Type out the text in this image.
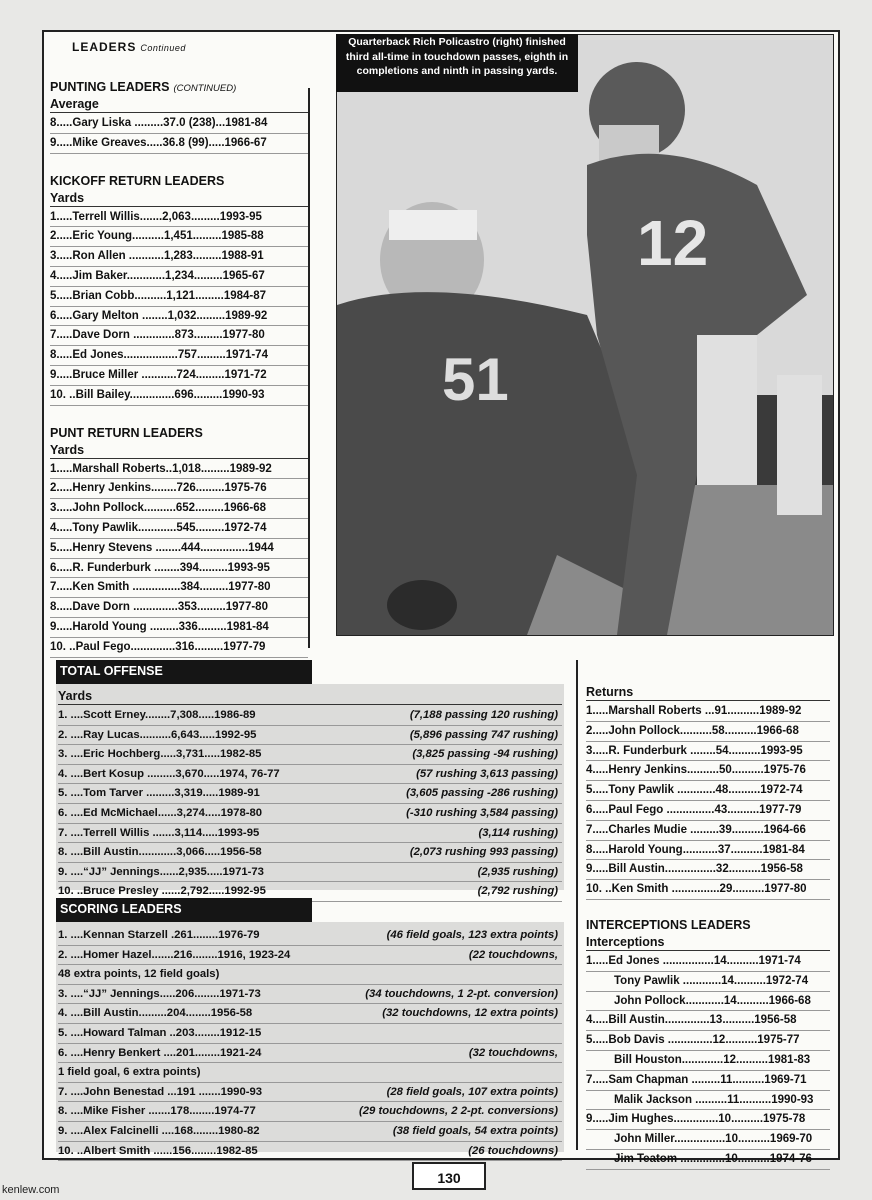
LEADERS Continued

PUNTING LEADERS (CONTINUED)

Average
8.....Gary Liska .........37.0 (238)...1981-84
9.....Mike Greaves.....36.8 (99).....1966-67

KICKOFF RETURN LEADERS

Yards
1.....Terrell Willis.......2,063.........1993-95
2.....Eric Young..........1,451.........1985-88
3.....Ron Allen ...........1,283.........1988-91
4.....Jim Baker............1,234.........1965-67
5.....Brian Cobb..........1,121.........1984-87
6.....Gary Melton ........1,032.........1989-92
7.....Dave Dorn .............873.........1977-80
8.....Ed Jones.................757.........1971-74
9.....Bruce Miller ...........724.........1971-72
10. ..Bill Bailey..............696.........1990-93

PUNT RETURN LEADERS

Yards
1.....Marshall Roberts..1,018.........1989-92
2.....Henry Jenkins........726.........1975-76
3.....John Pollock..........652.........1966-68
4.....Tony Pawlik............545.........1972-74
5.....Henry Stevens ........444...............1944
6.....R. Funderburk ........394.........1993-95
7.....Ken Smith ...............384.........1977-80
8.....Dave Dorn ..............353.........1977-80
9.....Harold Young .........336.........1981-84
10. ..Paul Fego..............316.........1977-79
51
12
Quarterback Rich Policastro (right) finished third all-time in touchdown passes, eighth in completions and ninth in passing yards.
TOTAL OFFENSE
Yards
1. ....Scott Erney........7,308.....1986-89	(7,188 passing 120 rushing)
2. ....Ray Lucas..........6,643.....1992-95	(5,896 passing 747 rushing)
3. ....Eric Hochberg.....3,731.....1982-85	(3,825 passing -94 rushing)
4. ....Bert Kosup .........3,670.....1974, 76-77	(57 rushing 3,613 passing)
5. ....Tom Tarver .........3,319.....1989-91	(3,605 passing -286 rushing)
6. ....Ed McMichael......3,274.....1978-80	(-310 rushing 3,584 passing)
7. ....Terrell Willis .......3,114.....1993-95	(3,114 rushing)
8. ....Bill Austin............3,066.....1956-58	(2,073 rushing 993 passing)
9. ....“JJ” Jennings......2,935.....1971-73	(2,935 rushing)
10. ..Bruce Presley ......2,792.....1992-95	(2,792 rushing)
SCORING LEADERS
1. ....Kennan Starzell .261........1976-79	(46 field goals, 123 extra points)
2. ....Homer Hazel.......216........1916, 1923-24	(22 touchdowns,
48 extra points, 12 field goals)
3. ....“JJ” Jennings.....206........1971-73	(34 touchdowns, 1 2-pt. conversion)
4. ....Bill Austin.........204........1956-58	(32 touchdowns, 12 extra points)
5. ....Howard Talman ..203........1912-15
6. ....Henry Benkert ....201........1921-24	(32 touchdowns,
1 field goal, 6 extra points)
7. ....John Benestad ...191 .......1990-93	(28 field goals, 107 extra points)
8. ....Mike Fisher .......178........1974-77	(29 touchdowns, 2 2-pt. conversions)
9. ....Alex Falcinelli ....168........1980-82	(38 field goals, 54 extra points)
10. ..Albert Smith ......156........1982-85	(26 touchdowns)
Returns
1.....Marshall Roberts ...91..........1989-92
2.....John Pollock..........58..........1966-68
3.....R. Funderburk ........54..........1993-95
4.....Henry Jenkins..........50..........1975-76
5.....Tony Pawlik ............48..........1972-74
6.....Paul Fego ...............43..........1977-79
7.....Charles Mudie .........39..........1964-66
8.....Harold Young...........37..........1981-84
9.....Bill Austin................32..........1956-58
10. ..Ken Smith ...............29..........1977-80

INTERCEPTIONS LEADERS

Interceptions
1.....Ed Jones ................14..........1971-74
Tony Pawlik ............14..........1972-74
John Pollock............14..........1966-68
4.....Bill Austin..............13..........1956-58
5.....Bob Davis ..............12..........1975-77
Bill Houston.............12..........1981-83
7.....Sam Chapman .........11..........1969-71
Malik Jackson ..........11..........1990-93
9.....Jim Hughes..............10..........1975-78
John Miller................10..........1969-70
Jim Teatom ..............10..........1974-76
130
kenlew.com
